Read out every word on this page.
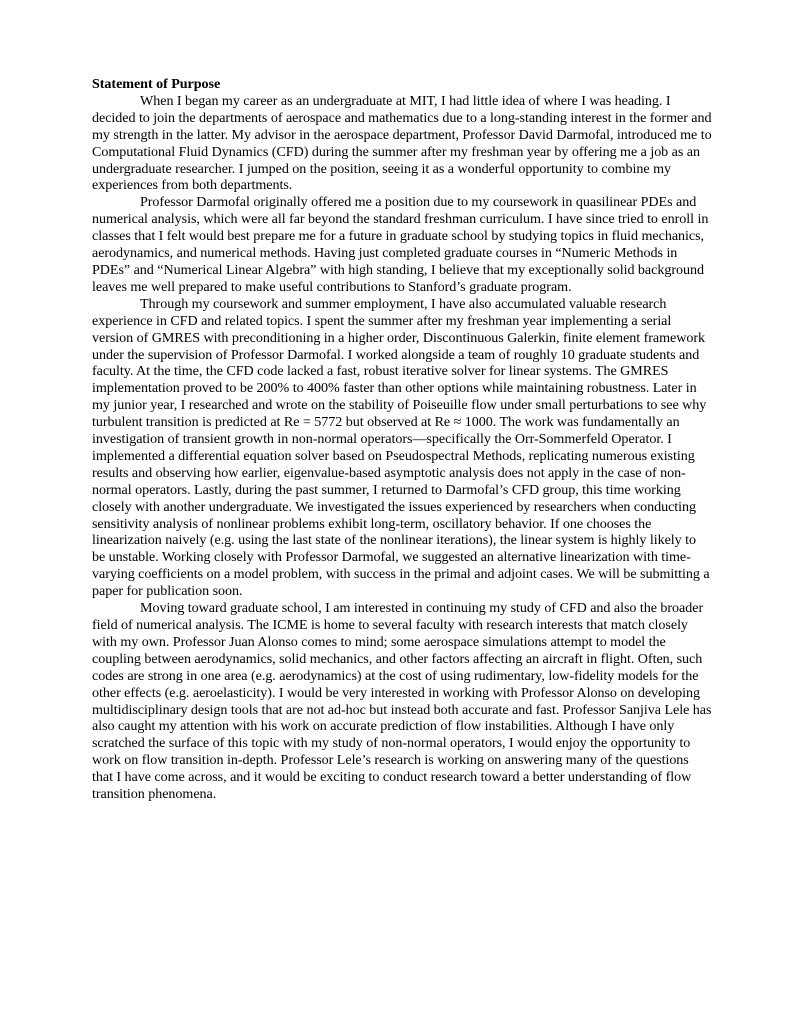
Statement of Purpose

When I began my career as an undergraduate at MIT, I had little idea of where I was heading. I decided to join the departments of aerospace and mathematics due to a long-standing interest in the former and my strength in the latter. My advisor in the aerospace department, Professor David Darmofal, introduced me to Computational Fluid Dynamics (CFD) during the summer after my freshman year by offering me a job as an undergraduate researcher. I jumped on the position, seeing it as a wonderful opportunity to combine my experiences from both departments.

Professor Darmofal originally offered me a position due to my coursework in quasilinear PDEs and numerical analysis, which were all far beyond the standard freshman curriculum. I have since tried to enroll in classes that I felt would best prepare me for a future in graduate school by studying topics in fluid mechanics, aerodynamics, and numerical methods. Having just completed graduate courses in “Numeric Methods in PDEs” and “Numerical Linear Algebra” with high standing, I believe that my exceptionally solid background leaves me well prepared to make useful contributions to Stanford’s graduate program.

Through my coursework and summer employment, I have also accumulated valuable research experience in CFD and related topics. I spent the summer after my freshman year implementing a serial version of GMRES with preconditioning in a higher order, Discontinuous Galerkin, finite element framework under the supervision of Professor Darmofal. I worked alongside a team of roughly 10 graduate students and faculty. At the time, the CFD code lacked a fast, robust iterative solver for linear systems. The GMRES implementation proved to be 200% to 400% faster than other options while maintaining robustness. Later in my junior year, I researched and wrote on the stability of Poiseuille flow under small perturbations to see why turbulent transition is predicted at Re = 5772 but observed at Re ≈ 1000. The work was fundamentally an investigation of transient growth in non-normal operators—specifically the Orr-Sommerfeld Operator. I implemented a differential equation solver based on Pseudospectral Methods, replicating numerous existing results and observing how earlier, eigenvalue-based asymptotic analysis does not apply in the case of non-normal operators. Lastly, during the past summer, I returned to Darmofal’s CFD group, this time working closely with another undergraduate. We investigated the issues experienced by researchers when conducting sensitivity analysis of nonlinear problems exhibit long-term, oscillatory behavior. If one chooses the linearization naively (e.g. using the last state of the nonlinear iterations), the linear system is highly likely to be unstable. Working closely with Professor Darmofal, we suggested an alternative linearization with time-varying coefficients on a model problem, with success in the primal and adjoint cases. We will be submitting a paper for publication soon.

Moving toward graduate school, I am interested in continuing my study of CFD and also the broader field of numerical analysis. The ICME is home to several faculty with research interests that match closely with my own. Professor Juan Alonso comes to mind; some aerospace simulations attempt to model the coupling between aerodynamics, solid mechanics, and other factors affecting an aircraft in flight. Often, such codes are strong in one area (e.g. aerodynamics) at the cost of using rudimentary, low-fidelity models for the other effects (e.g. aeroelasticity). I would be very interested in working with Professor Alonso on developing multidisciplinary design tools that are not ad-hoc but instead both accurate and fast. Professor Sanjiva Lele has also caught my attention with his work on accurate prediction of flow instabilities. Although I have only scratched the surface of this topic with my study of non-normal operators, I would enjoy the opportunity to work on flow transition in-depth. Professor Lele’s research is working on answering many of the questions that I have come across, and it would be exciting to conduct research toward a better understanding of flow transition phenomena.
